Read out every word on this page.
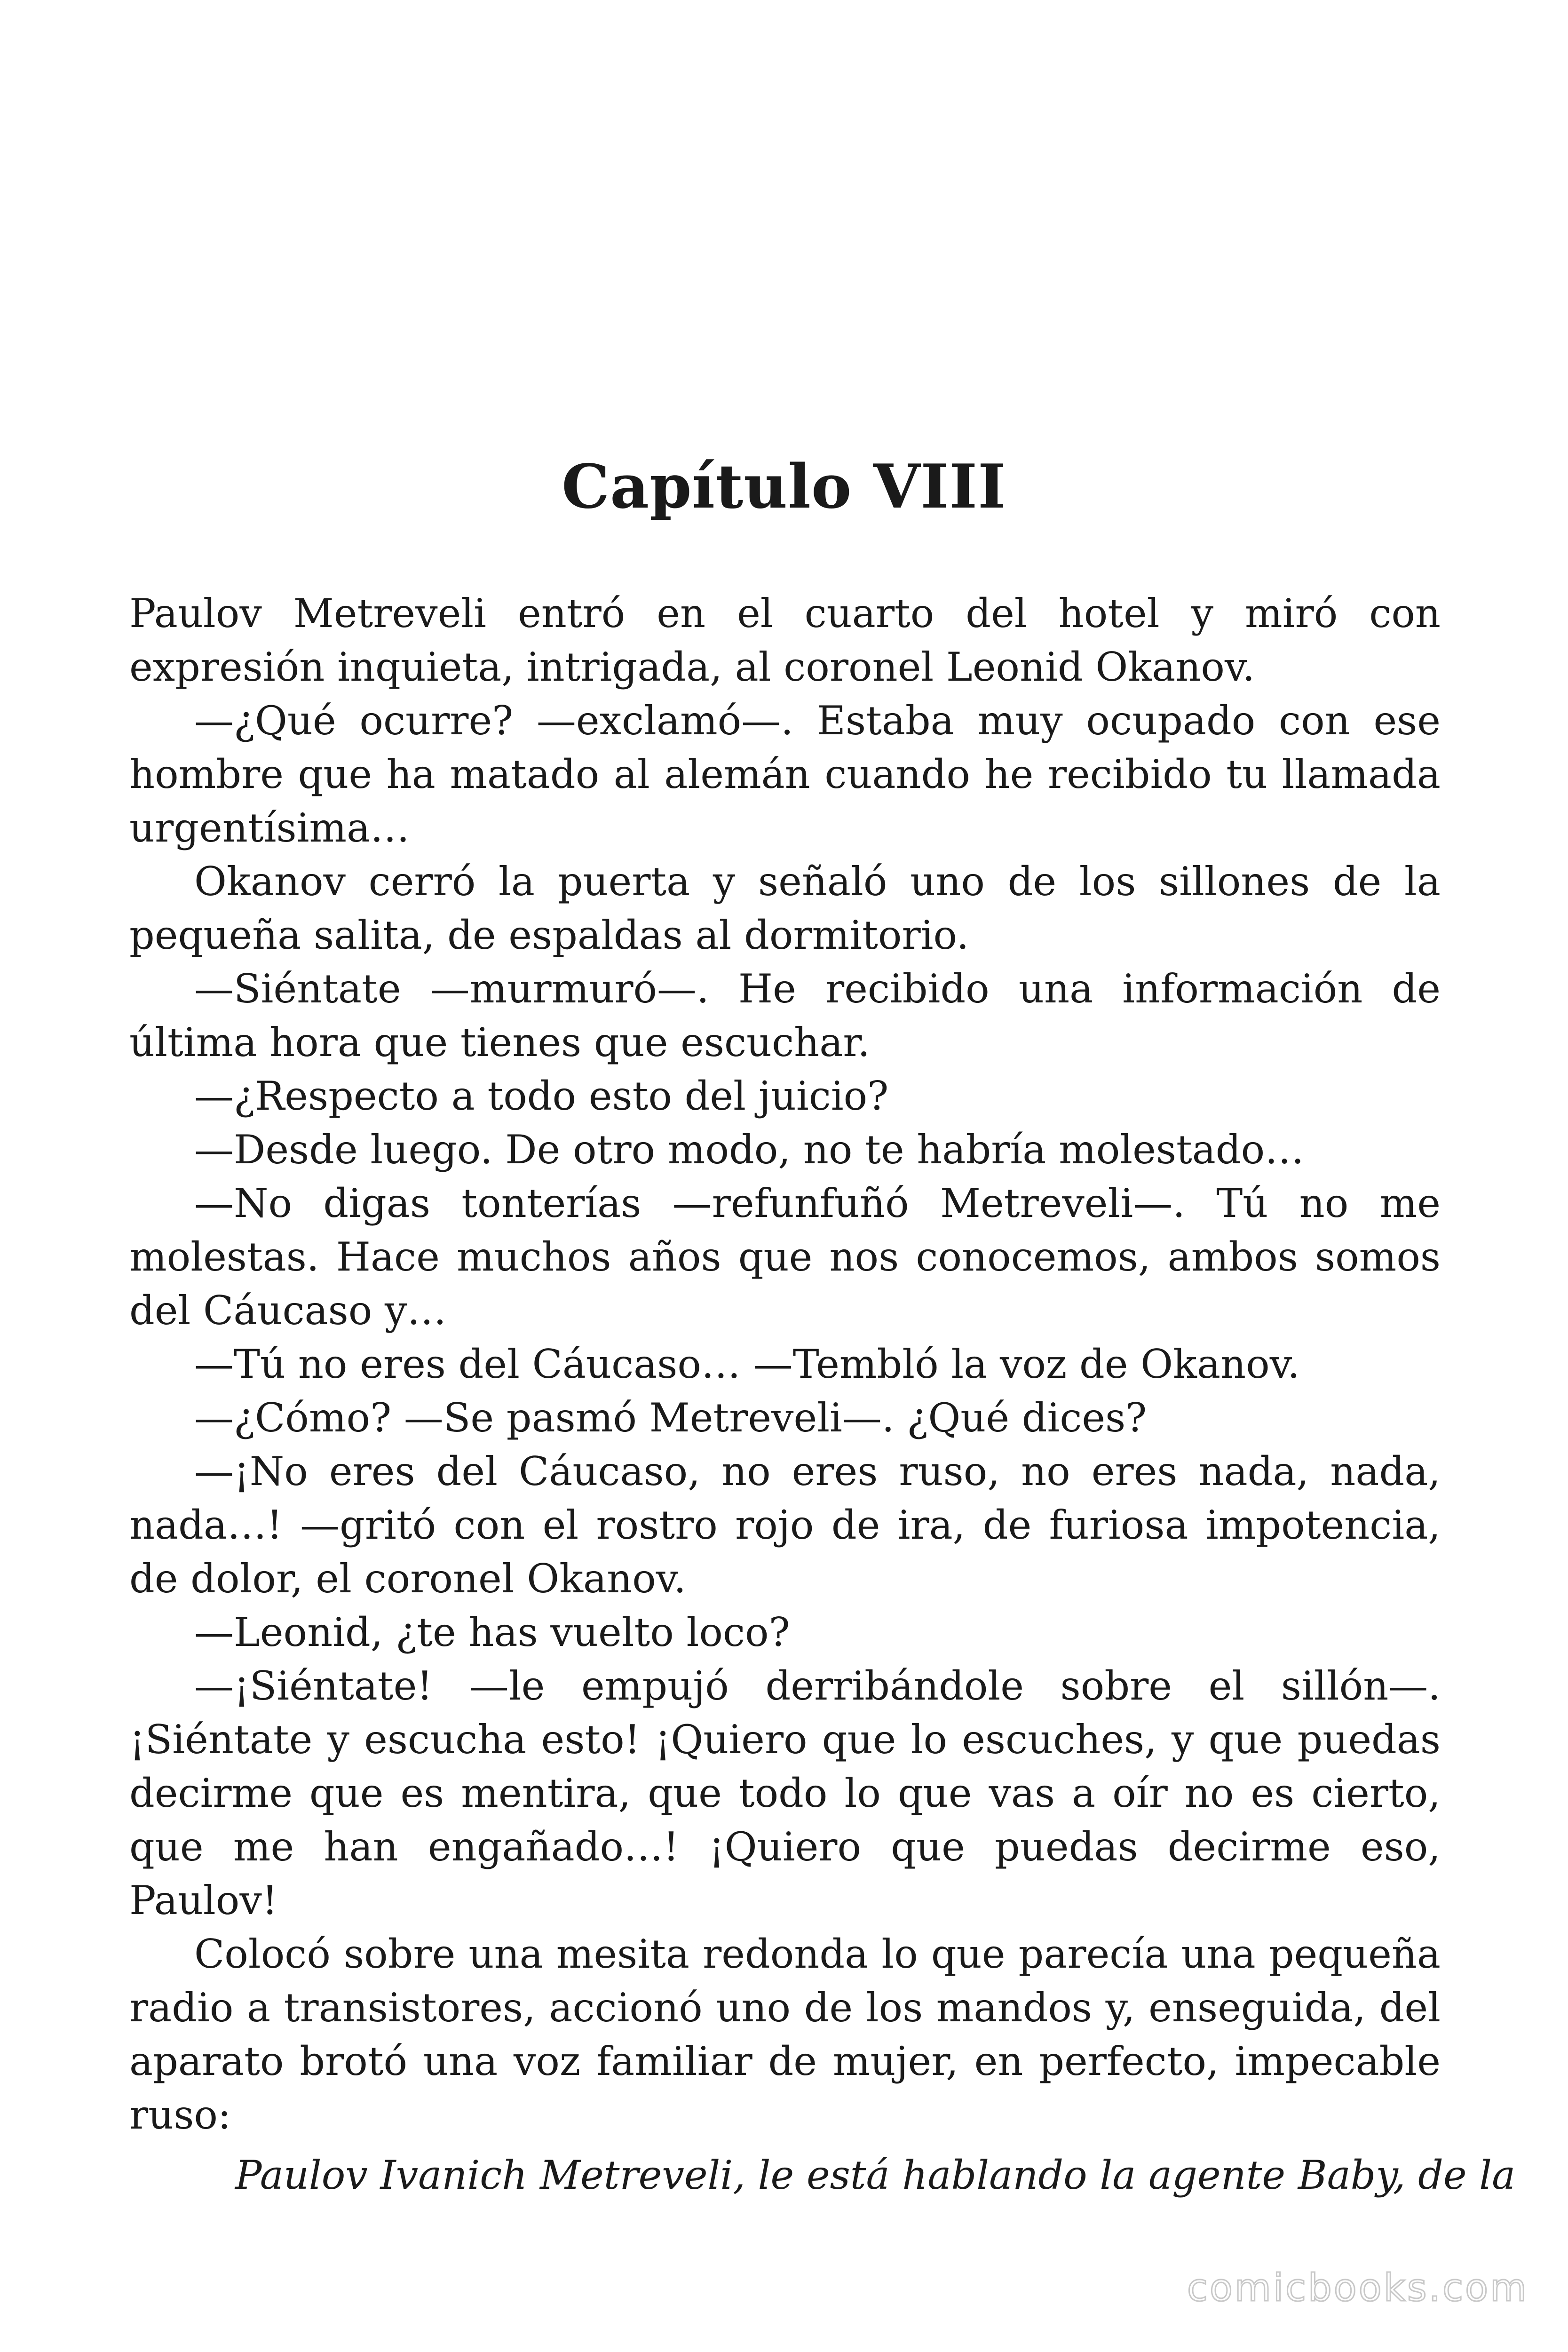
Capítulo VIII

Paulov Metreveli entró en el cuarto del hotel y miró con expresión inquieta, intrigada, al coronel Leonid Okanov.

—¿Qué ocurre? —exclamó—. Estaba muy ocupado con ese hombre que ha matado al alemán cuando he recibido tu llamada urgentísima…

Okanov cerró la puerta y señaló uno de los sillones de la pequeña salita, de espaldas al dormitorio.

—Siéntate —murmuró—. He recibido una información de última hora que tienes que escuchar.

—¿Respecto a todo esto del juicio?

—Desde luego. De otro modo, no te habría molestado…

—No digas tonterías —refunfuñó Metreveli—. Tú no me molestas. Hace muchos años que nos conocemos, ambos somos del Cáucaso y…

—Tú no eres del Cáucaso… —Tembló la voz de Okanov.

—¿Cómo? —Se pasmó Metreveli—. ¿Qué dices?

—¡No eres del Cáucaso, no eres ruso, no eres nada, nada, nada…! —gritó con el rostro rojo de ira, de furiosa impotencia, de dolor, el coronel Okanov.

—Leonid, ¿te has vuelto loco?

—¡Siéntate! —le empujó derribándole sobre el sillón—. ¡Siéntate y escucha esto! ¡Quiero que lo escuches, y que puedas decirme que es mentira, que todo lo que vas a oír no es cierto, que me han engañado…! ¡Quiero que puedas decirme eso, Paulov!

Colocó sobre una mesita redonda lo que parecía una pequeña radio a transistores, accionó uno de los mandos y, enseguida, del aparato brotó una voz familiar de mujer, en perfecto, impecable ruso:

Paulov Ivanich Metreveli, le está hablando la agente Baby, de la

comicbooks.com
